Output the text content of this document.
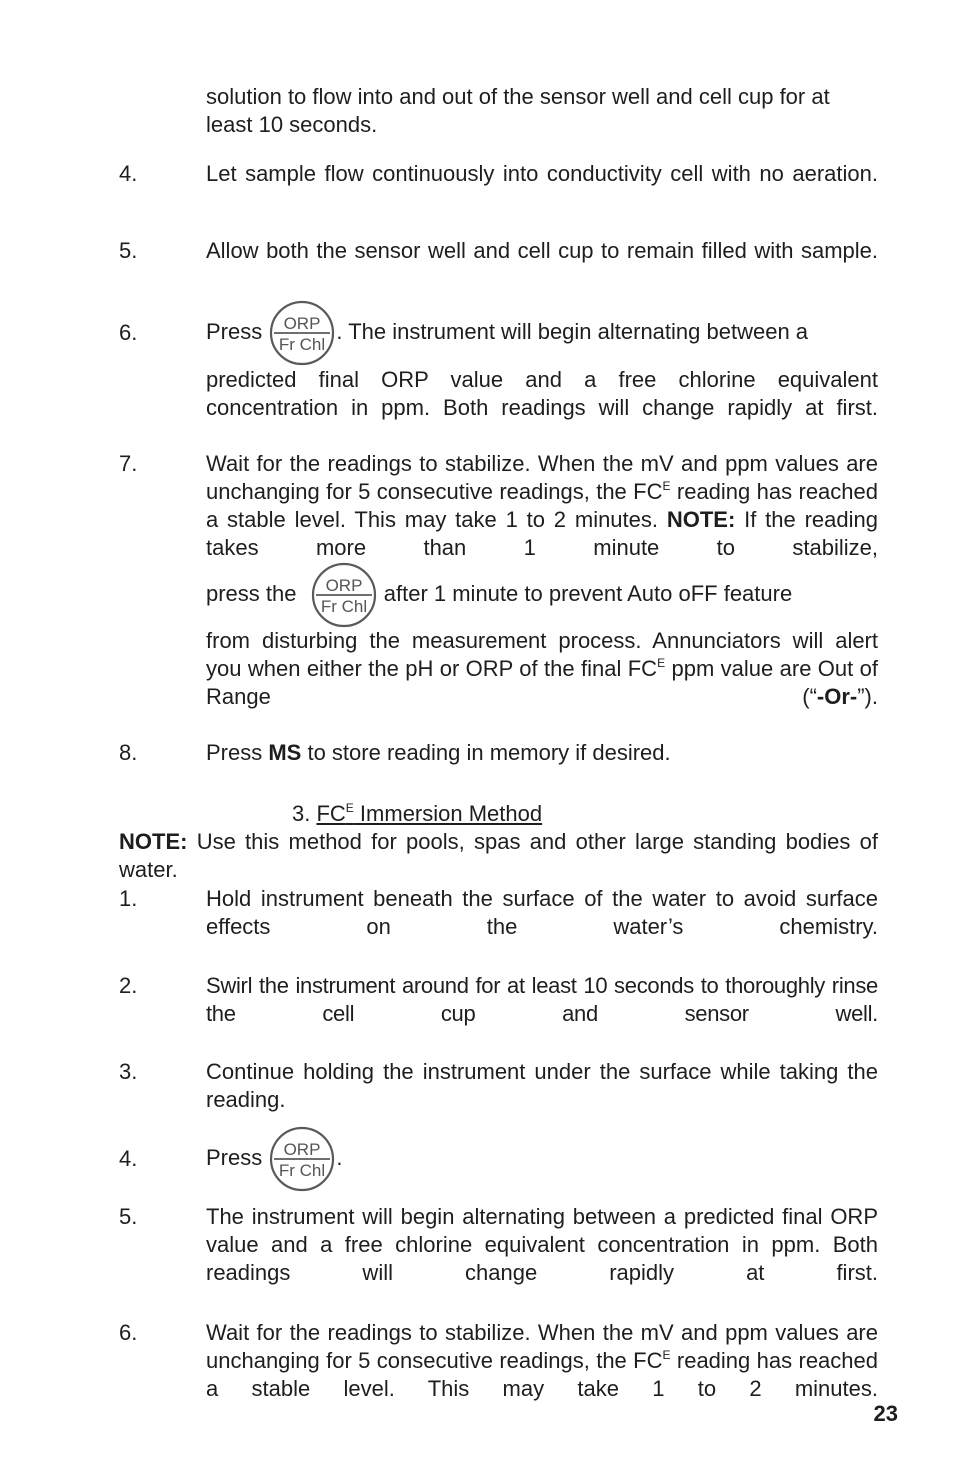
solution to flow into and out of the sensor well and cell cup for at
least 10 seconds.
4.	Let sample flow continuously into conductivity cell with no aeration.
5.	Allow both the sensor well and cell cup to remain filled with sample.
6.	Press ORP
Fr Chl
. The instrument will begin alternating between a
predicted final ORP value and a free chlorine equivalent concentration in ppm. Both readings will change rapidly at first.
7.	Wait for the readings to stabilize. When the mV and ppm values are unchanging for 5 consecutive readings, the $FC^E$ reading has reached a stable level. This may take 1 to 2 minutes. NOTE: If the reading takes more than 1 minute to stabilize,
press the ORP
Fr Chl
after 1 minute to prevent Auto oFF feature
from disturbing the measurement process. Annunciators will alert you when either the pH or ORP of the final $FC^E$ ppm value are Out of Range (“-Or-”).
8.	Press MS to store reading in memory if desired.
3. $FC^E$ Immersion Method
NOTE: Use this method for pools, spas and other large standing bodies of water.
1.	Hold instrument beneath the surface of the water to avoid surface effects on the water’s chemistry.
2.	Swirl the instrument around for at least 10 seconds to thoroughly rinse the cell cup and sensor well.
3.	Continue holding the instrument under the surface while taking the reading.
4.	Press ORP
Fr Chl
.
5.	The instrument will begin alternating between a predicted final ORP value and a free chlorine equivalent concentration in ppm. Both readings will change rapidly at first.
6.	Wait for the readings to stabilize. When the mV and ppm values are unchanging for 5 consecutive readings, the $FC^E$ reading has reached a stable level. This may take 1 to 2 minutes.
23
